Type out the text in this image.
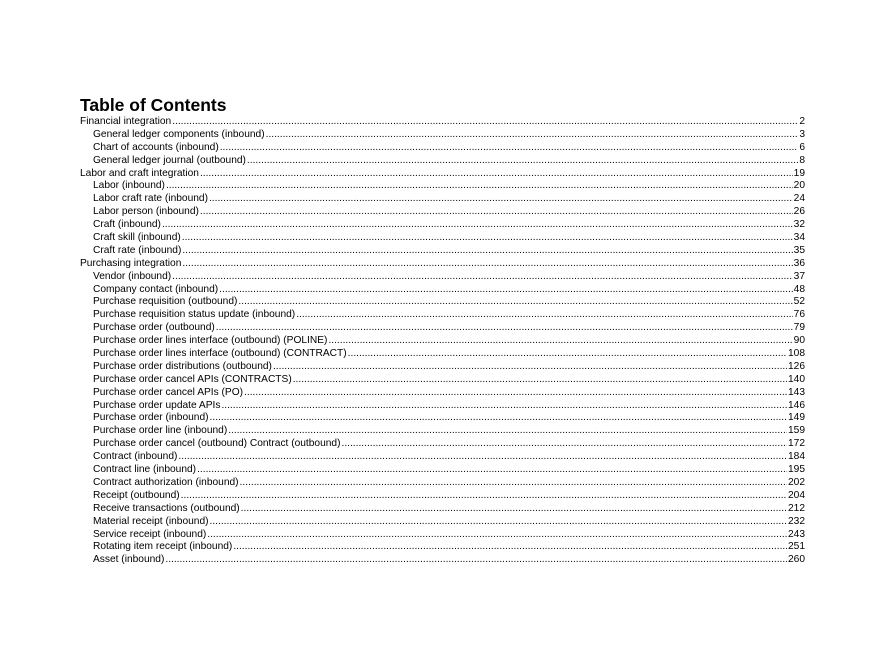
Table of Contents
Financial integration .....	2
General ledger components (inbound) .....	3
Chart of accounts (inbound) .....	6
General ledger journal (outbound) .....	8
Labor and craft integration .....	19
Labor (inbound) .....	20
Labor craft rate (inbound) .....	24
Labor person (inbound) .....	26
Craft (inbound) .....	32
Craft skill (inbound) .....	34
Craft rate (inbound) .....	35
Purchasing integration .....	36
Vendor (inbound) .....	37
Company contact (inbound) .....	48
Purchase requisition (outbound) .....	52
Purchase requisition status update (inbound) .....	76
Purchase order (outbound) .....	79
Purchase order lines interface (outbound) (POLINE) .....	90
Purchase order lines interface (outbound) (CONTRACT) .....	108
Purchase order distributions (outbound) .....	126
Purchase order cancel APIs (CONTRACTS) .....	140
Purchase order cancel APIs (PO) .....	143
Purchase order update APIs .....	146
Purchase order (inbound) .....	149
Purchase order line (inbound) .....	159
Purchase order cancel (outbound) Contract (outbound) .....	172
Contract (inbound) .....	184
Contract line (inbound) .....	195
Contract authorization (inbound) .....	202
Receipt (outbound) .....	204
Receive transactions (outbound) .....	212
Material receipt (inbound) .....	232
Service receipt (inbound) .....	243
Rotating item receipt (inbound) .....	251
Asset (inbound) .....	260
